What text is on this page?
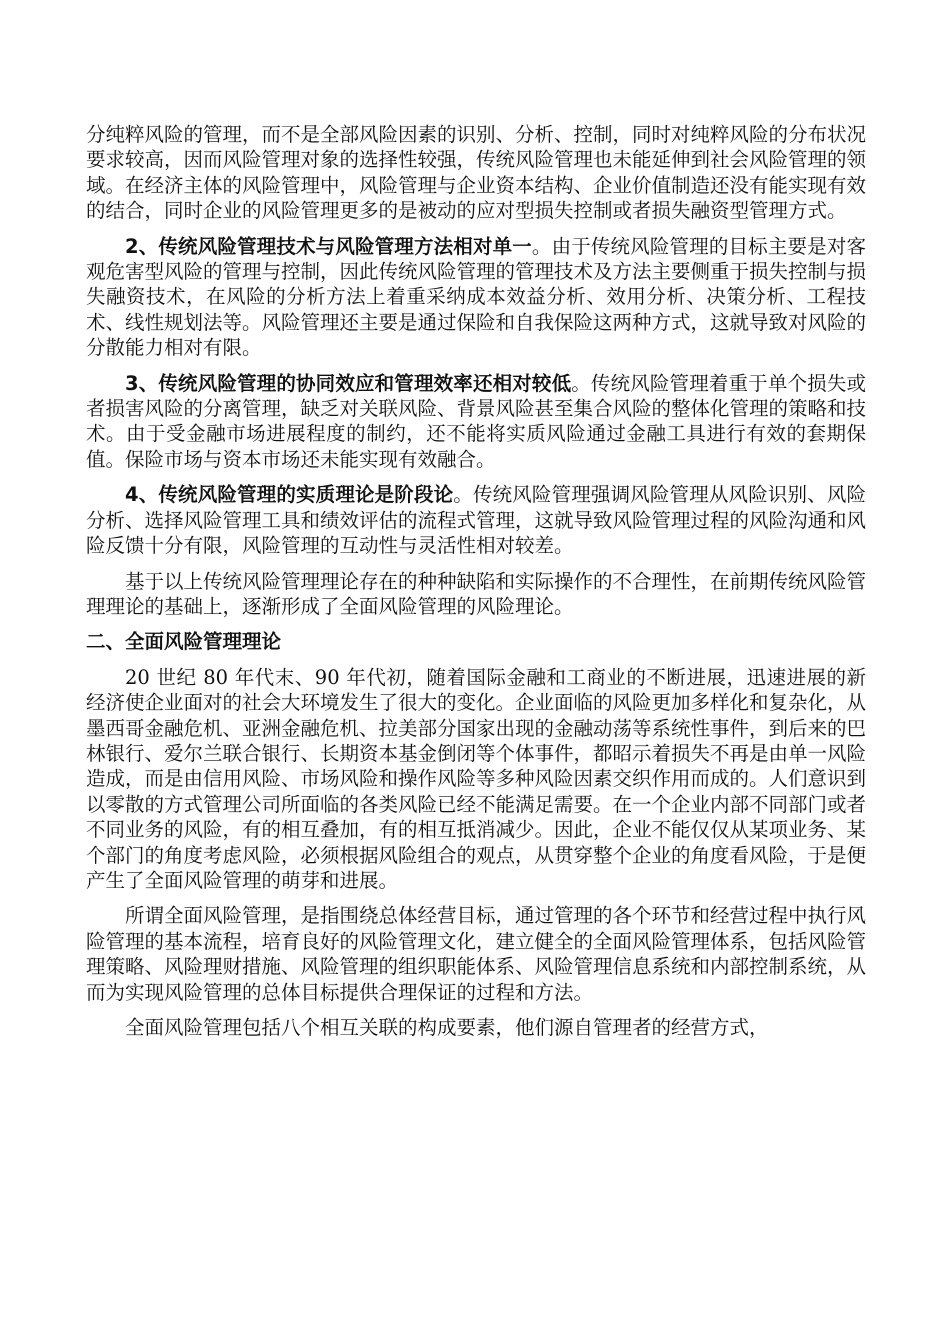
分纯粹风险的管理，而不是全部风险因素的识别、分析、控制，同时对纯粹风险的分布状况要求较高，因而风险管理对象的选择性较强，传统风险管理也未能延伸到社会风险管理的领域。在经济主体的风险管理中，风险管理与企业资本结构、企业价值制造还没有能实现有效的结合，同时企业的风险管理更多的是被动的应对型损失控制或者损失融资型管理方式。

2、传统风险管理技术与风险管理方法相对单一。由于传统风险管理的目标主要是对客观危害型风险的管理与控制，因此传统风险管理的管理技术及方法主要侧重于损失控制与损失融资技术，在风险的分析方法上着重采纳成本效益分析、效用分析、决策分析、工程技术、线性规划法等。风险管理还主要是通过保险和自我保险这两种方式，这就导致对风险的分散能力相对有限。

3、传统风险管理的协同效应和管理效率还相对较低。传统风险管理着重于单个损失或者损害风险的分离管理，缺乏对关联风险、背景风险甚至集合风险的整体化管理的策略和技术。由于受金融市场进展程度的制约，还不能将实质风险通过金融工具进行有效的套期保值。保险市场与资本市场还未能实现有效融合。

4、传统风险管理的实质理论是阶段论。传统风险管理强调风险管理从风险识别、风险分析、选择风险管理工具和绩效评估的流程式管理，这就导致风险管理过程的风险沟通和风险反馈十分有限，风险管理的互动性与灵活性相对较差。

基于以上传统风险管理理论存在的种种缺陷和实际操作的不合理性，在前期传统风险管理理论的基础上，逐渐形成了全面风险管理的风险理论。

二、全面风险管理理论

20 世纪 80 年代末、90 年代初，随着国际金融和工商业的不断进展，迅速进展的新经济使企业面对的社会大环境发生了很大的变化。企业面临的风险更加多样化和复杂化，从墨西哥金融危机、亚洲金融危机、拉美部分国家出现的金融动荡等系统性事件，到后来的巴林银行、爱尔兰联合银行、长期资本基金倒闭等个体事件，都昭示着损失不再是由单一风险造成，而是由信用风险、市场风险和操作风险等多种风险因素交织作用而成的。人们意识到以零散的方式管理公司所面临的各类风险已经不能满足需要。在一个企业内部不同部门或者不同业务的风险，有的相互叠加，有的相互抵消减少。因此，企业不能仅仅从某项业务、某个部门的角度考虑风险，必须根据风险组合的观点，从贯穿整个企业的角度看风险，于是便产生了全面风险管理的萌芽和进展。

所谓全面风险管理，是指围绕总体经营目标，通过管理的各个环节和经营过程中执行风险管理的基本流程，培育良好的风险管理文化，建立健全的全面风险管理体系，包括风险管理策略、风险理财措施、风险管理的组织职能体系、风险管理信息系统和内部控制系统，从而为实现风险管理的总体目标提供合理保证的过程和方法。

全面风险管理包括八个相互关联的构成要素，他们源自管理者的经营方式，
